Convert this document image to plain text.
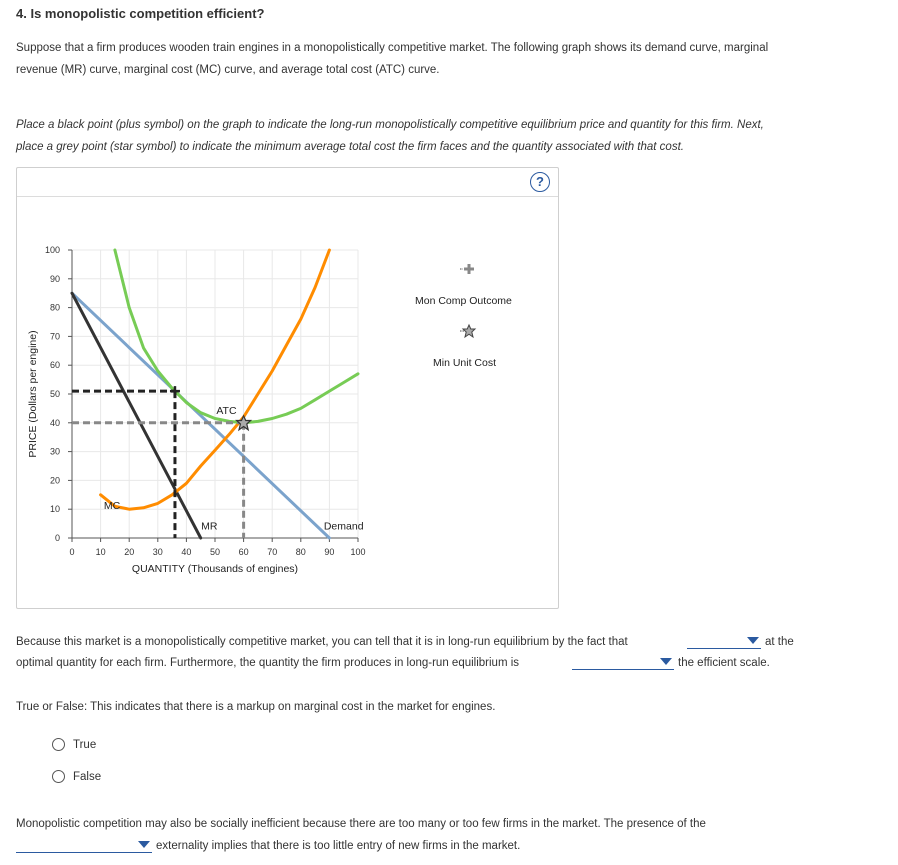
4. Is monopolistic competition efficient?
Suppose that a firm produces wooden train engines in a monopolistically competitive market. The following graph shows its demand curve, marginal
revenue (MR) curve, marginal cost (MC) curve, and average total cost (ATC) curve.
Place a black point (plus symbol) on the graph to indicate the long-run monopolistically competitive equilibrium price and quantity for this firm. Next,
place a grey point (star symbol) to indicate the minimum average total cost the firm faces and the quantity associated with that cost.
?
0 10 20 30 40 50 60 70 80 90 100
0
10
20
30
40
50
60
70
80
90
100
QUANTITY (Thousands of engines)
PRICE (Dollars per engine)
MC
ATC
MR	Demand
Mon Comp Outcome
Min Unit Cost
Because this market is a monopolistically competitive market, you can tell that it is in long-run equilibrium by the fact that	at the
optimal quantity for each firm. Furthermore, the quantity the firm produces in long-run equilibrium is	the efficient scale.
True or False: This indicates that there is a markup on marginal cost in the market for engines.
True
False
Monopolistic competition may also be socially inefficient because there are too many or too few firms in the market. The presence of the
externality implies that there is too little entry of new firms in the market.
